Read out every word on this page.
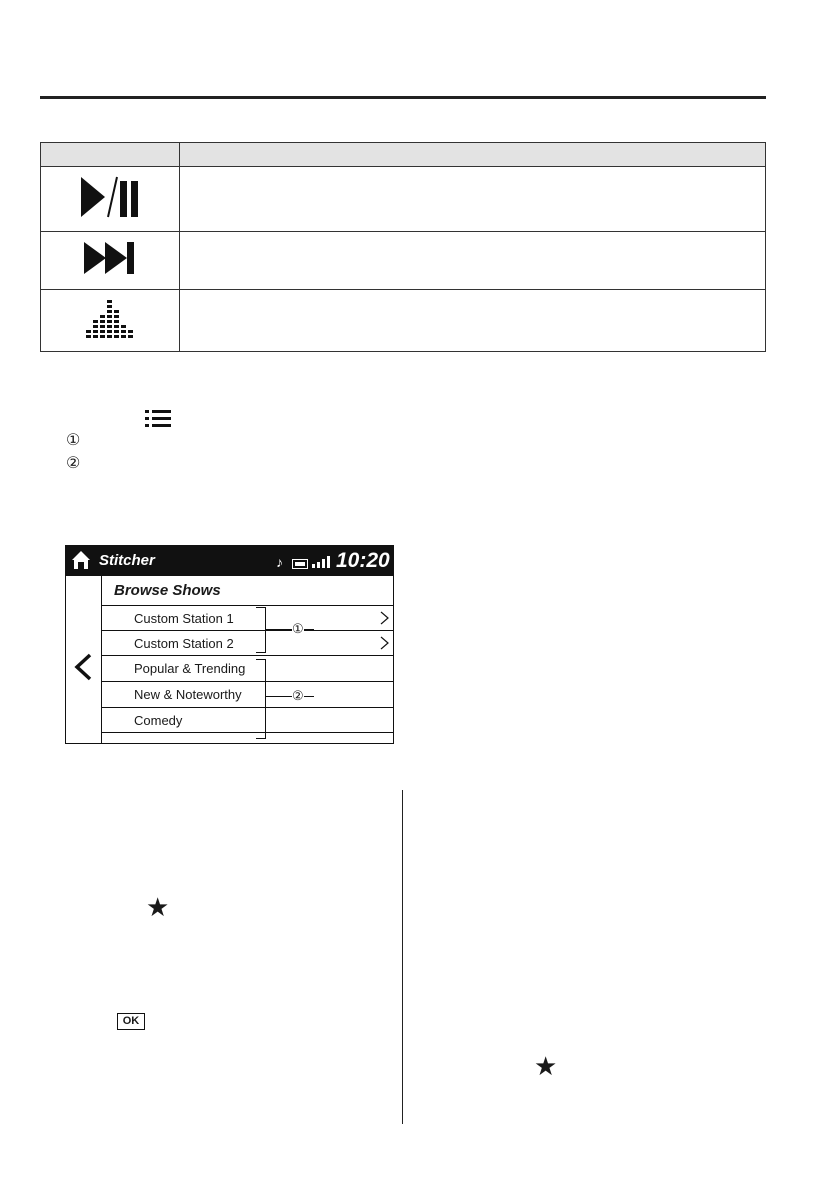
①
②
Stitcher	♪	10:20
Browse Shows
Custom Station 1
Custom Station 2
Popular & Trending
New & Noteworthy
Comedy
①
②
★
OK
★
